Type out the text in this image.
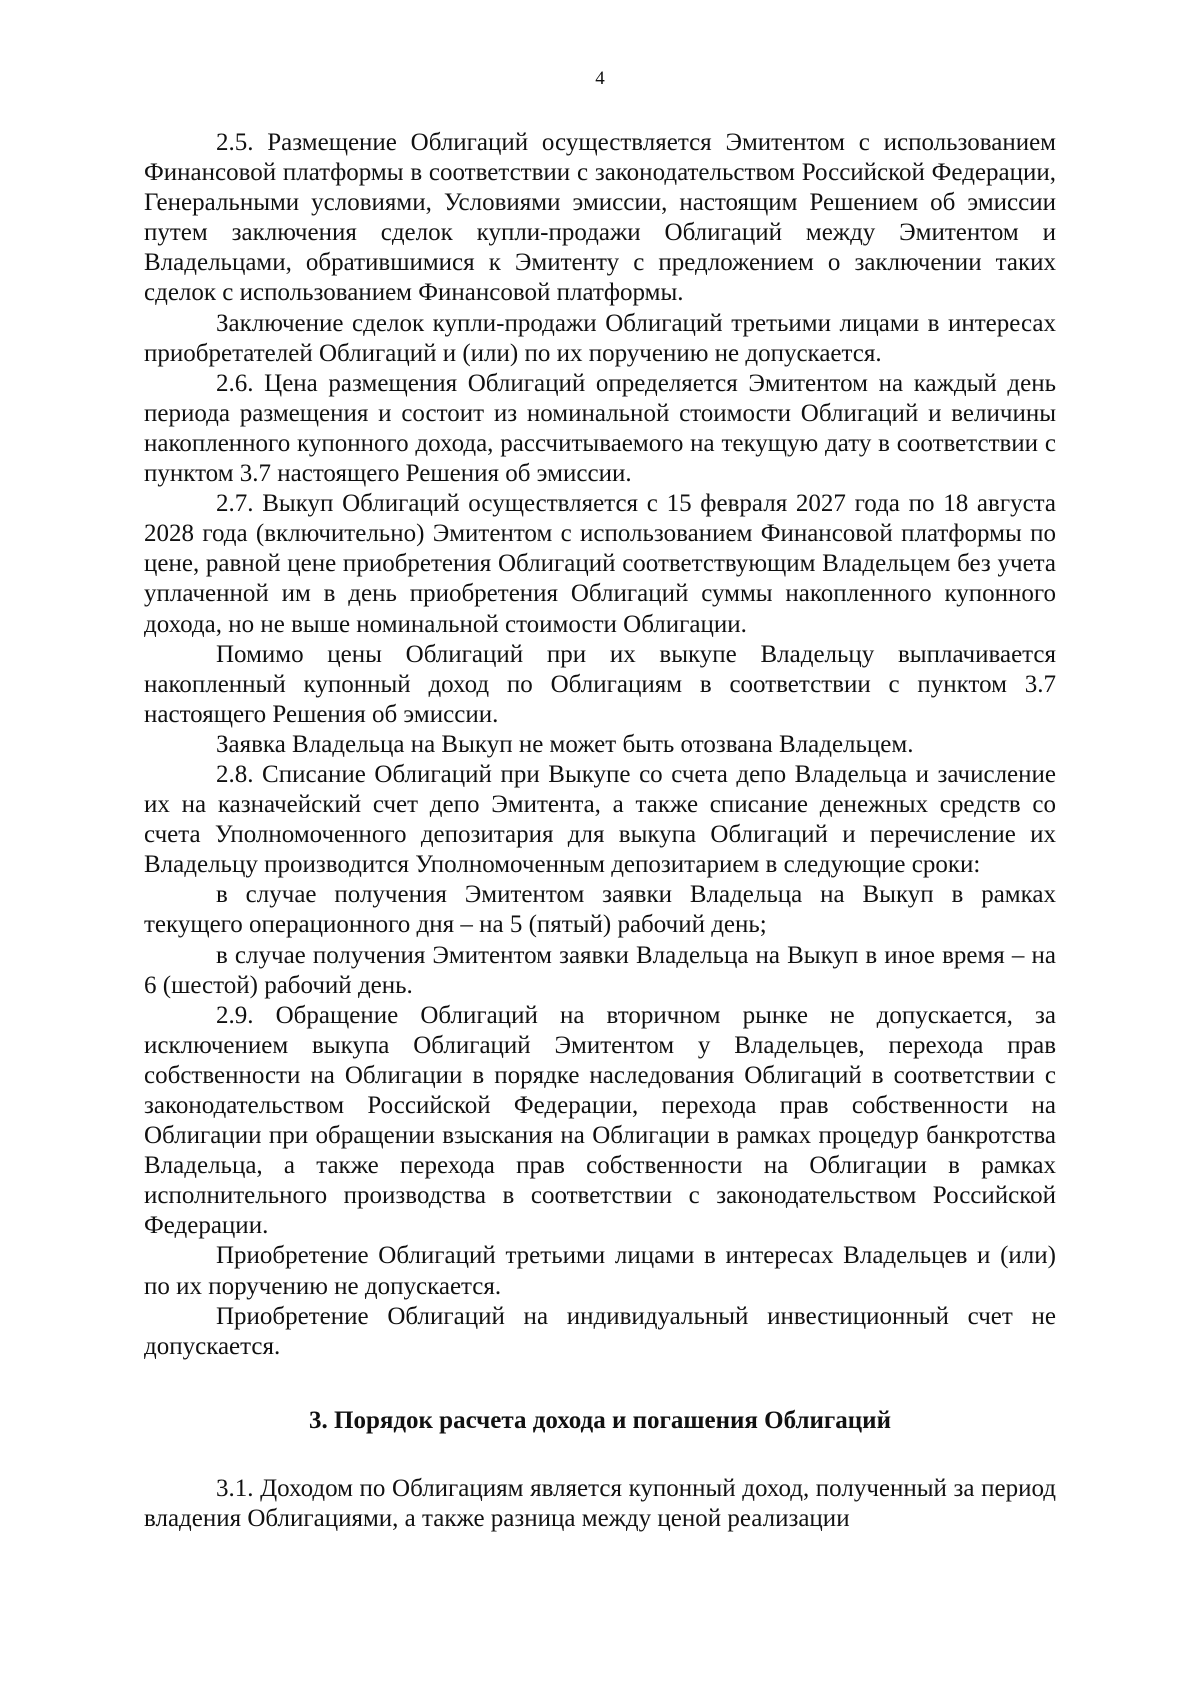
4

2.5. Размещение Облигаций осуществляется Эмитентом с использованием Финансовой платформы в соответствии с законодательством Российской Федерации, Генеральными условиями, Условиями эмиссии, настоящим Решением об эмиссии путем заключения сделок купли-продажи Облигаций между Эмитентом и Владельцами, обратившимися к Эмитенту с предложением о заключении таких сделок с использованием Финансовой платформы.

Заключение сделок купли-продажи Облигаций третьими лицами в интересах приобретателей Облигаций и (или) по их поручению не допускается.

2.6. Цена размещения Облигаций определяется Эмитентом на каждый день периода размещения и состоит из номинальной стоимости Облигаций и величины накопленного купонного дохода, рассчитываемого на текущую дату в соответствии с пунктом 3.7 настоящего Решения об эмиссии.

2.7. Выкуп Облигаций осуществляется с 15 февраля 2027 года по 18 августа 2028 года (включительно) Эмитентом с использованием Финансовой платформы по цене, равной цене приобретения Облигаций соответствующим Владельцем без учета уплаченной им в день приобретения Облигаций суммы накопленного купонного дохода, но не выше номинальной стоимости Облигации.

Помимо цены Облигаций при их выкупе Владельцу выплачивается накопленный купонный доход по Облигациям в соответствии с пунктом 3.7 настоящего Решения об эмиссии.

Заявка Владельца на Выкуп не может быть отозвана Владельцем.

2.8. Списание Облигаций при Выкупе со счета депо Владельца и зачисление их на казначейский счет депо Эмитента, а также списание денежных средств со счета Уполномоченного депозитария для выкупа Облигаций и перечисление их Владельцу производится Уполномоченным депозитарием в следующие сроки:

в случае получения Эмитентом заявки Владельца на Выкуп в рамках текущего операционного дня – на 5 (пятый) рабочий день;

в случае получения Эмитентом заявки Владельца на Выкуп в иное время – на 6 (шестой) рабочий день.

2.9. Обращение Облигаций на вторичном рынке не допускается, за исключением выкупа Облигаций Эмитентом у Владельцев, перехода прав собственности на Облигации в порядке наследования Облигаций в соответствии с законодательством Российской Федерации, перехода прав собственности на Облигации при обращении взыскания на Облигации в рамках процедур банкротства Владельца, а также перехода прав собственности на Облигации в рамках исполнительного производства в соответствии с законодательством Российской Федерации.

Приобретение Облигаций третьими лицами в интересах Владельцев и (или) по их поручению не допускается.

Приобретение Облигаций на индивидуальный инвестиционный счет не допускается.

3. Порядок расчета дохода и погашения Облигаций

3.1. Доходом по Облигациям является купонный доход, полученный за период владения Облигациями, а также разница между ценой реализации
